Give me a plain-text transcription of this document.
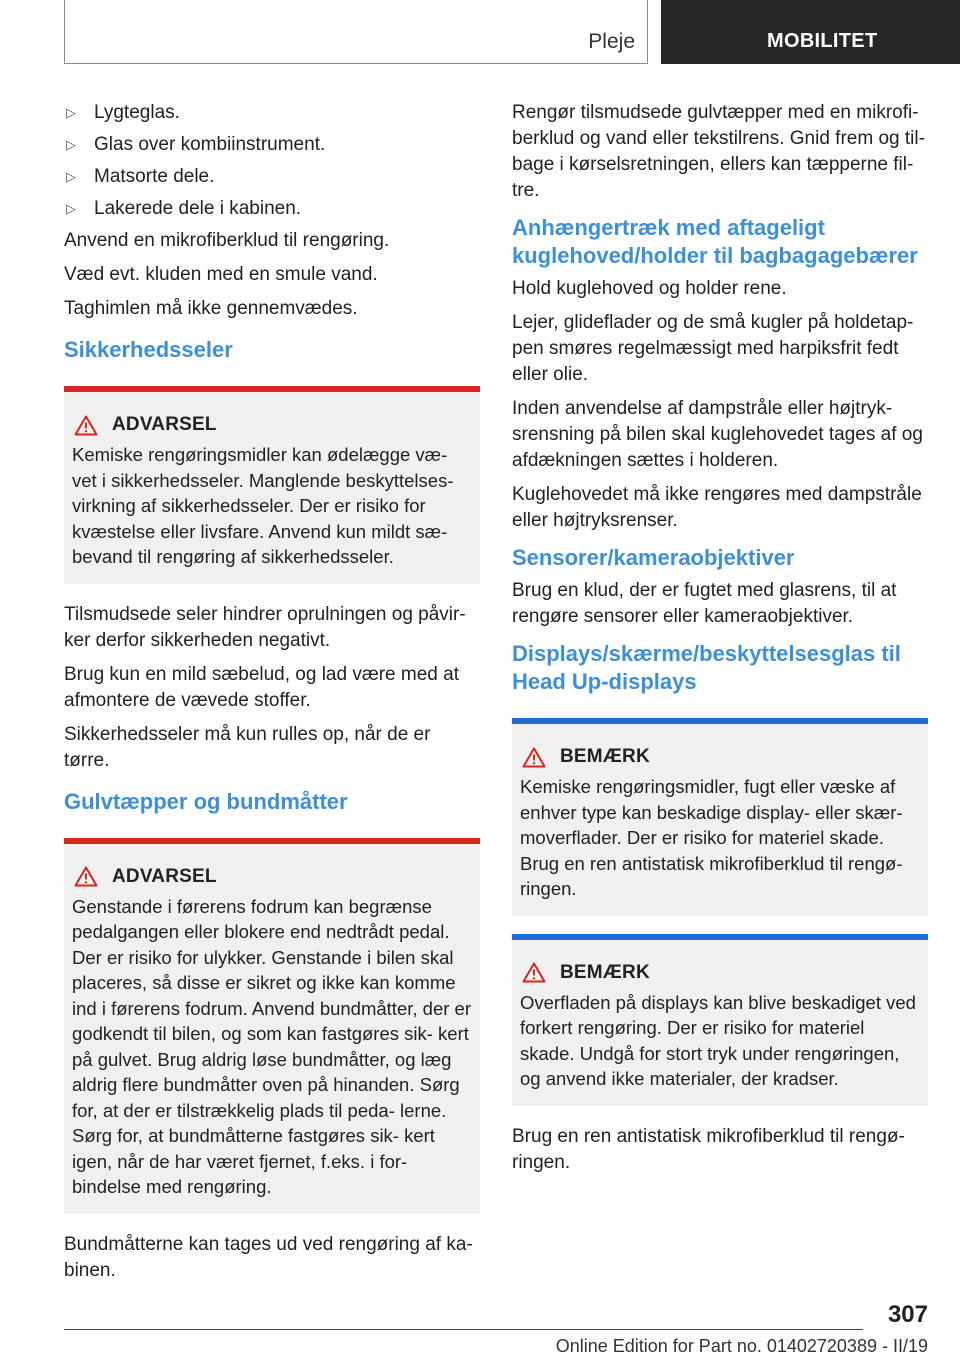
Pleje	MOBILITET
▷ Lygteglas.
▷ Glas over kombiinstrument.
▷ Matsorte dele.
▷ Lakerede dele i kabinen.

Anvend en mikrofiberklud til rengøring.

Væd evt. kluden med en smule vand.

Taghimlen må ikke gennemvædes.

Sikkerhedsseler
ADVARSEL

Kemiske rengøringsmidler kan ødelægge væ- vet i sikkerhedsseler. Manglende beskyttelses- virkning af sikkerhedsseler. Der er risiko for kvæstelse eller livsfare. Anvend kun mildt sæ- bevand til rengøring af sikkerhedsseler.

Tilsmudsede seler hindrer oprulningen og påvir- ker derfor sikkerheden negativt.

Brug kun en mild sæbelud, og lad være med at afmontere de vævede stoffer.

Sikkerhedsseler må kun rulles op, når de er tørre.

Gulvtæpper og bundmåtter
ADVARSEL

Genstande i førerens fodrum kan begrænse pedalgangen eller blokere end nedtrådt pedal. Der er risiko for ulykker. Genstande i bilen skal placeres, så disse er sikret og ikke kan komme ind i førerens fodrum. Anvend bundmåtter, der er godkendt til bilen, og som kan fastgøres sik- kert på gulvet. Brug aldrig løse bundmåtter, og læg aldrig flere bundmåtter oven på hinanden. Sørg for, at der er tilstrækkelig plads til peda- lerne. Sørg for, at bundmåtterne fastgøres sik- kert igen, når de har været fjernet, f.eks. i for- bindelse med rengøring.

Bundmåtterne kan tages ud ved rengøring af ka- binen.

Rengør tilsmudsede gulvtæpper med en mikrofi- berklud og vand eller tekstilrens. Gnid frem og til- bage i kørselsretningen, ellers kan tæpperne fil- tre.

Anhængertræk med aftageligt kuglehoved/holder til bagbagagebærer

Hold kuglehoved og holder rene.

Lejer, glideflader og de små kugler på holdetap- pen smøres regelmæssigt med harpiksfrit fedt eller olie.

Inden anvendelse af dampstråle eller højtryk- srensning på bilen skal kuglehovedet tages af og afdækningen sættes i holderen.

Kuglehovedet må ikke rengøres med dampstråle eller højtryksrenser.

Sensorer/kameraobjektiver

Brug en klud, der er fugtet med glasrens, til at rengøre sensorer eller kameraobjektiver.

Displays/skærme/beskyttelsesglas til Head Up-displays
BEMÆRK

Kemiske rengøringsmidler, fugt eller væske af enhver type kan beskadige display- eller skær- moverflader. Der er risiko for materiel skade. Brug en ren antistatisk mikrofiberklud til rengø- ringen.

BEMÆRK

Overfladen på displays kan blive beskadiget ved forkert rengøring. Der er risiko for materiel skade. Undgå for stort tryk under rengøringen, og anvend ikke materialer, der kradser.

Brug en ren antistatisk mikrofiberklud til rengø- ringen.

307
Online Edition for Part no. 01402720389 - II/19
